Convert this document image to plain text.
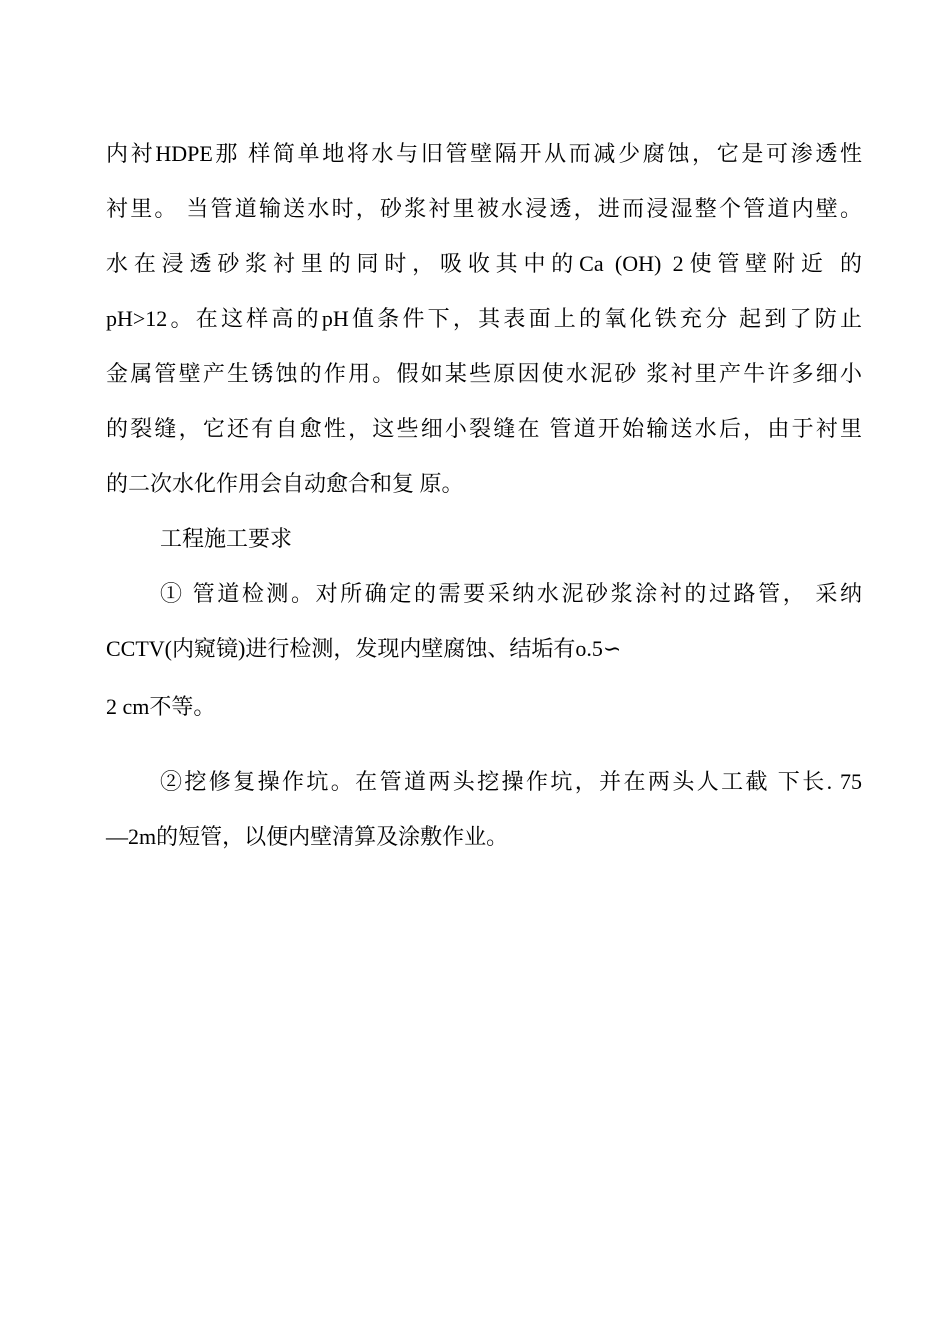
内衬HDPE那 样简单地将水与旧管壁隔开从而减少腐蚀，它是可渗透性
衬里。 当管道输送水时，砂浆衬里被水浸透，进而浸湿整个管道内壁。
水在浸透砂浆衬里的同时，吸收其中的Ca (OH) 2使管壁附近 的
pH>12。在这样高的pH值条件下，其表面上的氧化铁充分 起到了防止
金属管壁产生锈蚀的作用。假如某些原因使水泥砂 浆衬里产牛许多细小
的裂缝，它还有自愈性，这些细小裂缝在 管道开始输送水后，由于衬里
的二次水化作用会自动愈合和复 原。
工程施工要求
① 管道检测。对所确定的需要采纳水泥砂浆涂衬的过路管， 采纳
CCTV(内窥镜)进行检测，发现内壁腐蚀、结垢有o.5∽
2 cm不等。
②挖修复操作坑。在管道两头挖操作坑，并在两头人工截 下长. 75
—2m的短管，以便内壁清算及涂敷作业。
